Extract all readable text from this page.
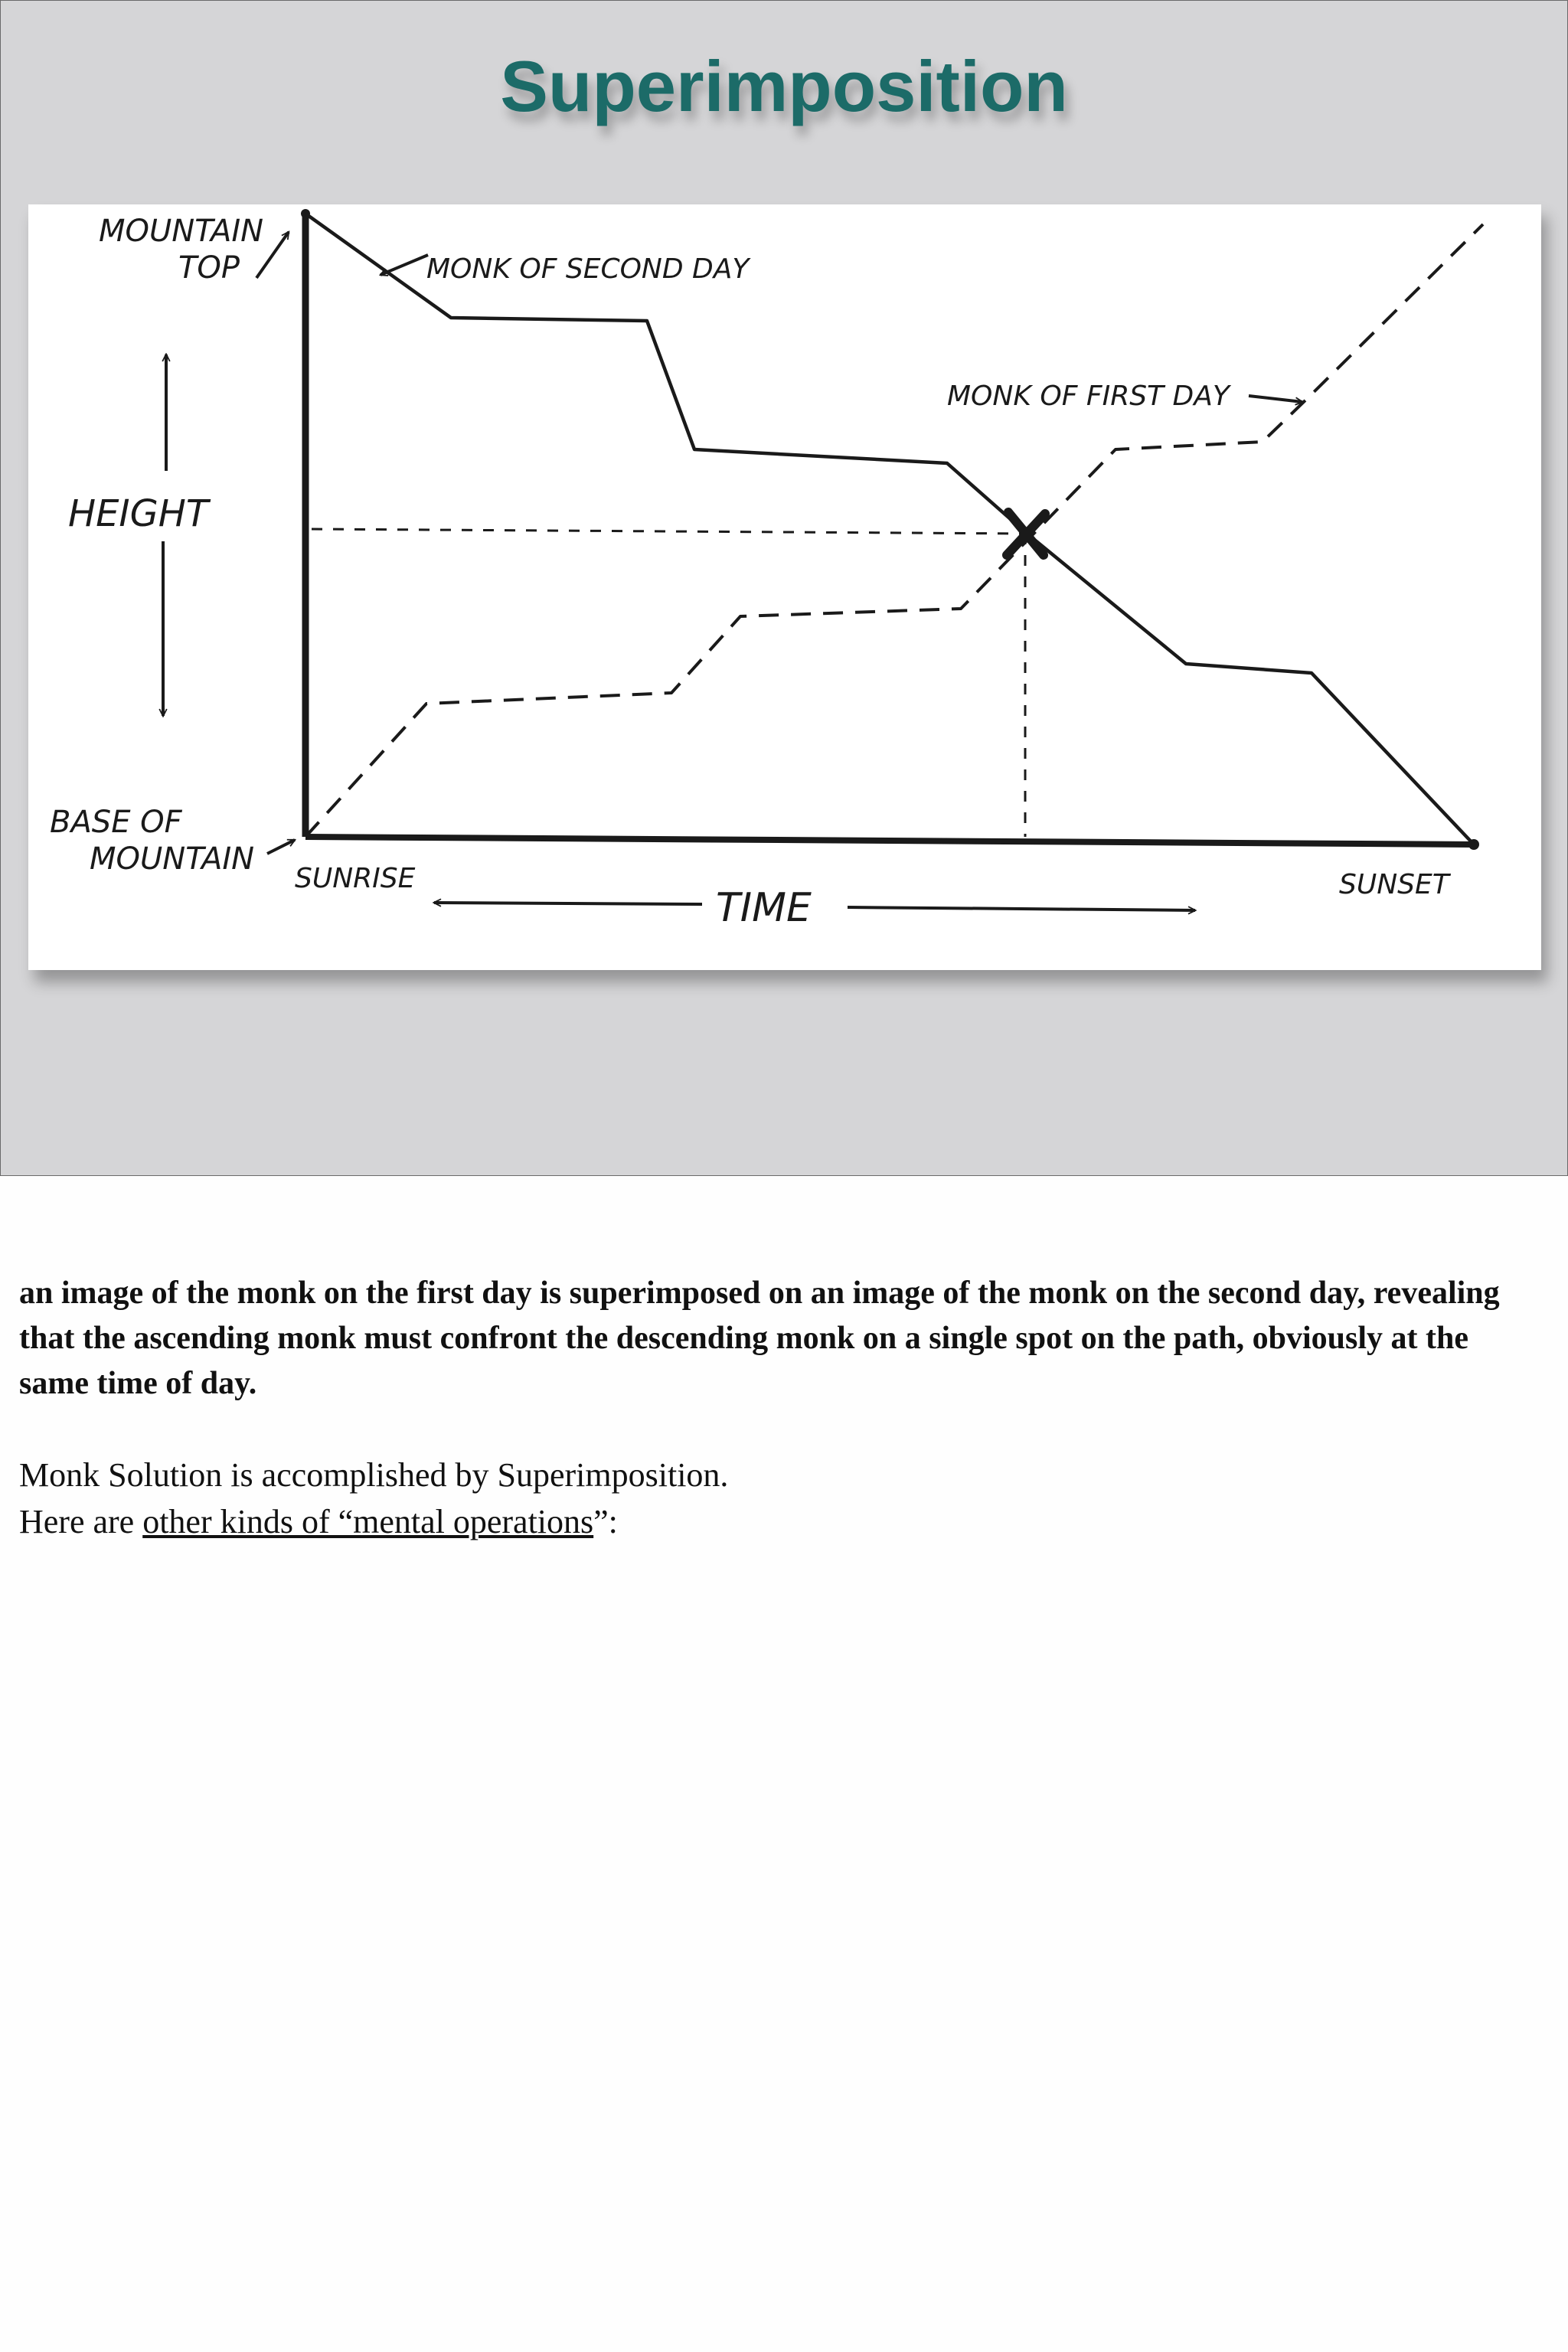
Superimposition
MOUNTAIN
TOP	MONK OF SECOND DAY
HEIGHT
MONK OF FIRST DAY
BASE OF
MOUNTAIN
SUNRISE
TIME
SUNSET

an image of the monk on the first day is superimposed on an image of the monk on the second day, revealing that the ascending monk must confront the descending monk on a single spot on the path, obviously at the same time of day.

Monk Solution is accomplished by Superimposition.

Here are other kinds of “mental operations”:
